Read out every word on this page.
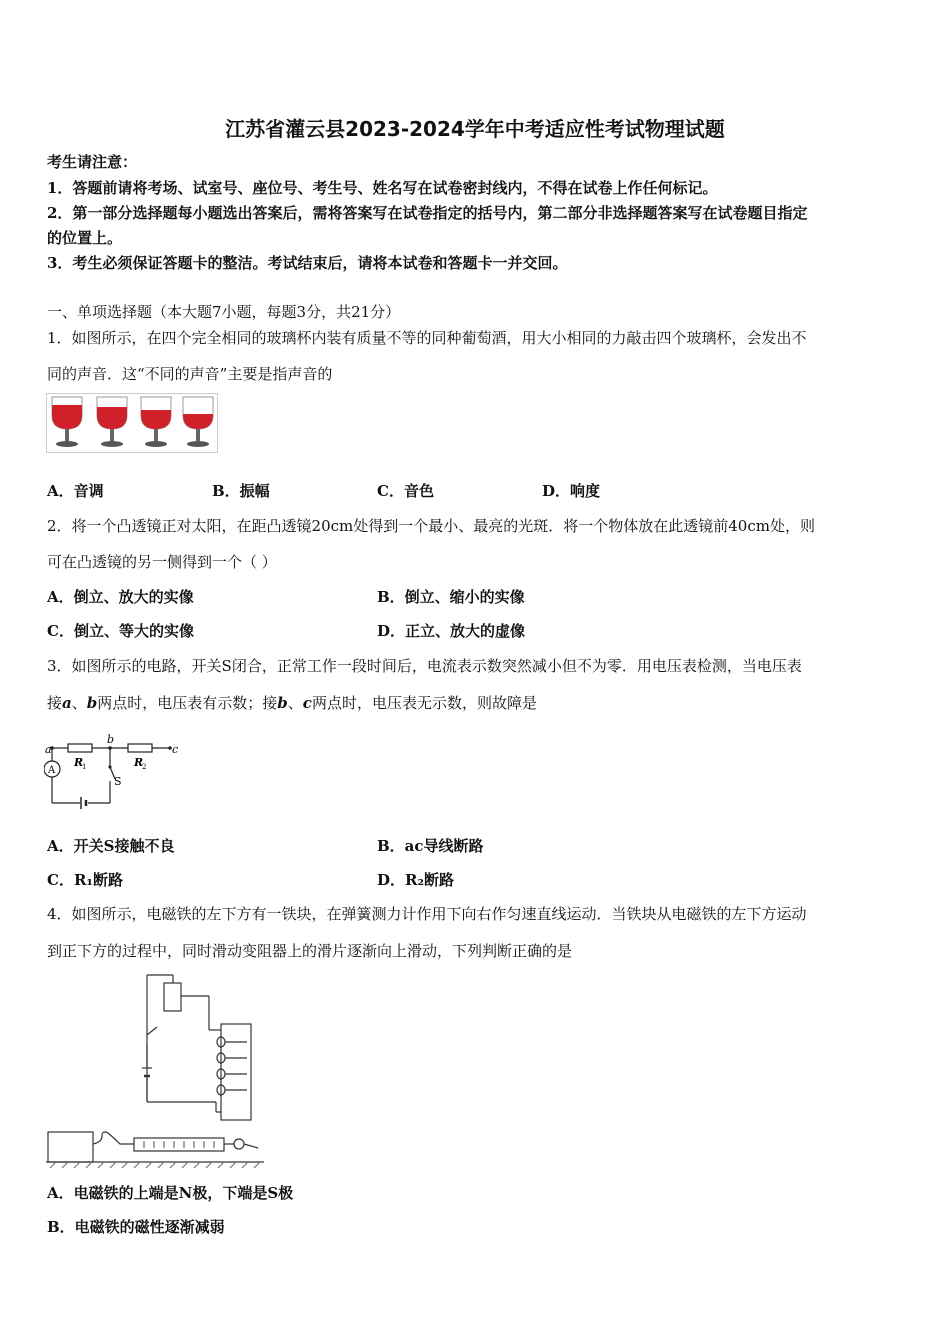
江苏省灌云县2023-2024学年中考适应性考试物理试题
考生请注意：
1．答题前请将考场、试室号、座位号、考生号、姓名写在试卷密封线内，不得在试卷上作任何标记。
2．第一部分选择题每小题选出答案后，需将答案写在试卷指定的括号内，第二部分非选择题答案写在试卷题目指定
的位置上。
3．考生必须保证答题卡的整洁。考试结束后，请将本试卷和答题卡一并交回。
一、单项选择题（本大题7小题，每题3分，共21分）
1．如图所示，在四个完全相同的玻璃杯内装有质量不等的同种葡萄酒，用大小相同的力敲击四个玻璃杯，会发出不
同的声音．这“不同的声音”主要是指声音的
A．音调	B．振幅	C．音色	D．响度
2．将一个凸透镜正对太阳，在距凸透镜20cm处得到一个最小、最亮的光斑．将一个物体放在此透镜前40cm处，则
可在凸透镜的另一侧得到一个（ ）
A．倒立、放大的实像	B．倒立、缩小的实像
C．倒立、等大的实像	D．正立、放大的虚像
3．如图所示的电路，开关S闭合，正常工作一段时间后，电流表示数突然减小但不为零．用电压表检测，当电压表
接a、b两点时，电压表有示数；接b、c两点时，电压表无示数，则故障是
a
b
c
R
1	R
2
S
A
A．开关S接触不良	B．ac导线断路
C．R₁断路	D．R₂断路
4．如图所示，电磁铁的左下方有一铁块，在弹簧测力计作用下向右作匀速直线运动．当铁块从电磁铁的左下方运动
到正下方的过程中，同时滑动变阻器上的滑片逐渐向上滑动，下列判断正确的是
A．电磁铁的上端是N极，下端是S极
B．电磁铁的磁性逐渐减弱
